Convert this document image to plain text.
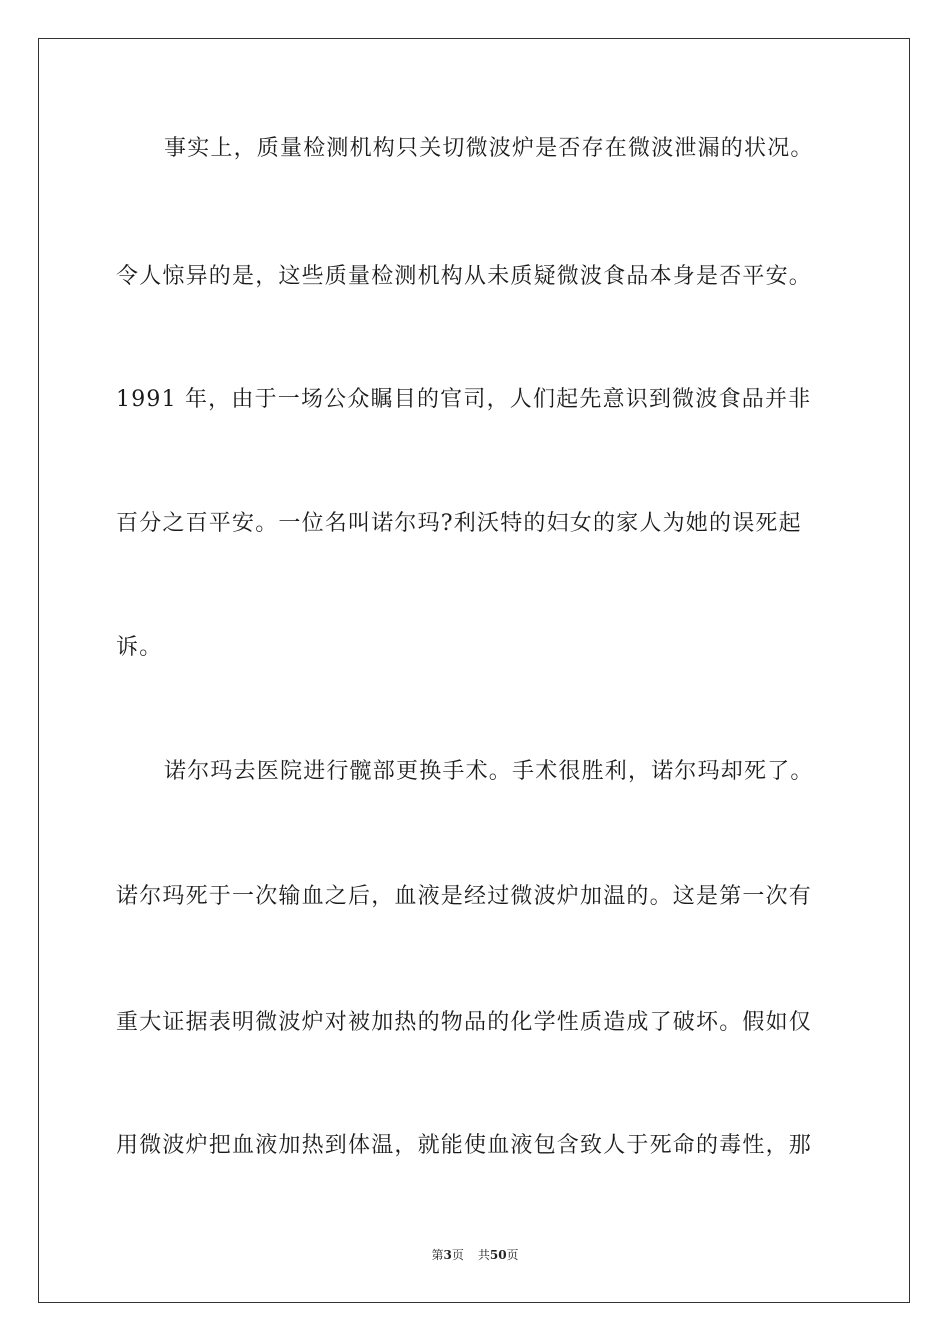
事实上，质量检测机构只关切微波炉是否存在微波泄漏的状况。
令人惊异的是，这些质量检测机构从未质疑微波食品本身是否平安。
1991 年，由于一场公众瞩目的官司，人们起先意识到微波食品并非
百分之百平安。一位名叫诺尔玛?利沃特的妇女的家人为她的误死起
诉。
诺尔玛去医院进行髋部更换手术。手术很胜利，诺尔玛却死了。
诺尔玛死于一次输血之后，血液是经过微波炉加温的。这是第一次有
重大证据表明微波炉对被加热的物品的化学性质造成了破坏。假如仅
用微波炉把血液加热到体温，就能使血液包含致人于死命的毒性，那
第3页 共50页
